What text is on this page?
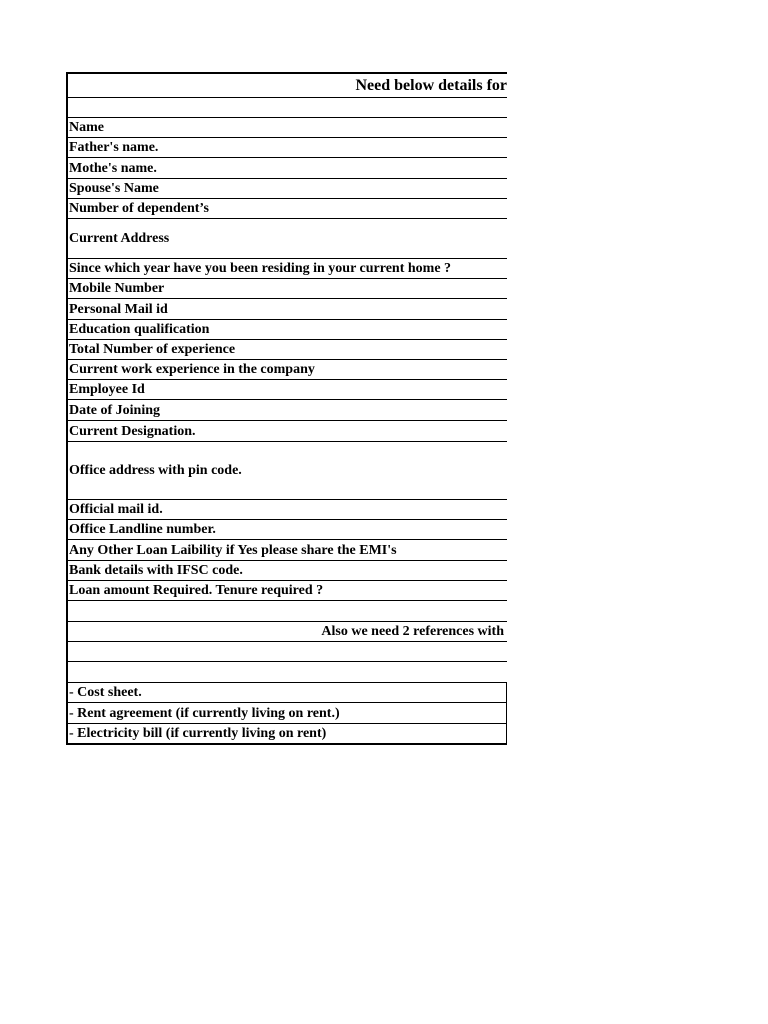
Need below details for
Name
Father's name.
Mothe's name.
Spouse's Name
Number of dependent’s
Current Address
Since which year have you been residing in your current home ?
Mobile Number
Personal Mail id
Education qualification
Total Number of experience
Current work experience in the company
Employee Id
Date of Joining
Current Designation.
Office address with pin code.
Official mail id.
Office Landline number.
Any Other Loan Laibility if Yes please share the EMI's
Bank details with IFSC code.
Loan amount Required. Tenure required ?
Also we need 2 references with
- Cost sheet.
- Rent agreement (if currently living on rent.)
- Electricity bill (if currently living on rent)
